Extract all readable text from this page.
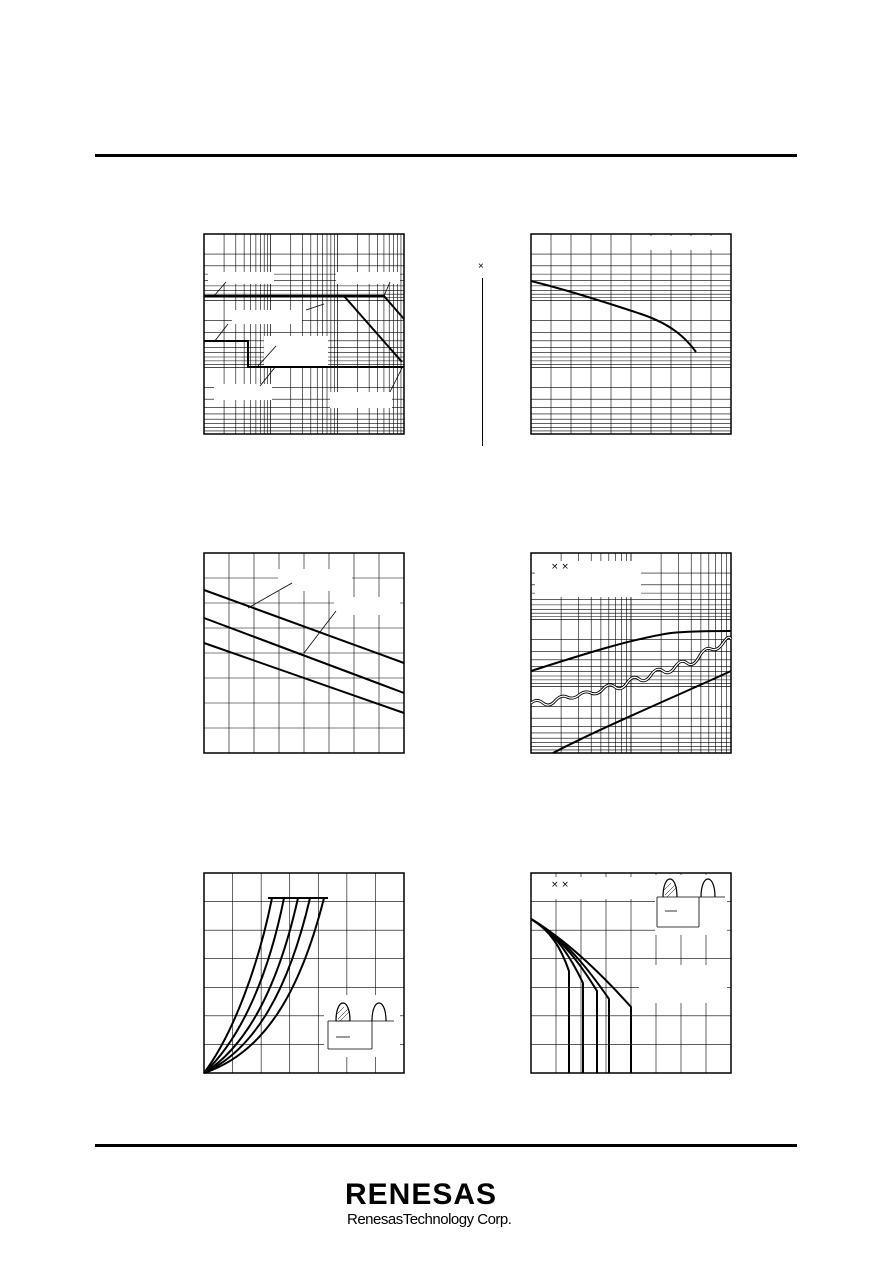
×
× ×
× ×
RENESAS
RenesasTechnology Corp.
